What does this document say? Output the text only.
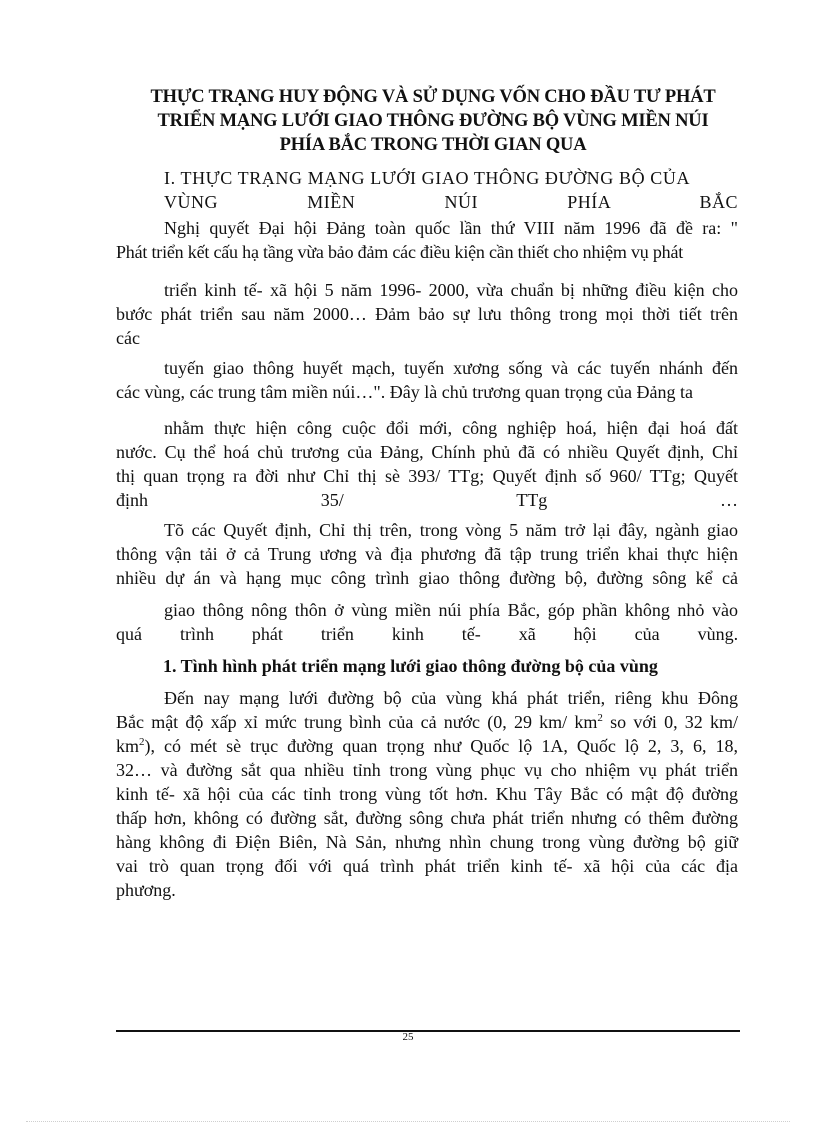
THỰC TRẠNG HUY ĐỘNG VÀ SỬ DỤNG VỐN CHO ĐẦU TƯ PHÁT
TRIỂN MẠNG LƯỚI GIAO THÔNG ĐƯỜNG BỘ VÙNG MIỀN NÚI
PHÍA BẮC TRONG THỜI GIAN QUA
I. THỰC TRẠNG MẠNG LƯỚI GIAO THÔNG ĐƯỜNG BỘ CỦA
VÙNG	MIỀN	NÚI	PHÍA	BẮC
Nghị quyết Đại hội Đảng toàn quốc lần thứ VIII năm 1996 đã đề ra: "
Phát triển kết cấu hạ tầng vừa bảo đảm các điều kiện cần thiết cho nhiệm vụ phát
triển kinh tế- xã hội 5 năm 1996- 2000, vừa chuẩn bị những điều kiện cho
bước phát triển sau năm 2000… Đảm bảo sự lưu thông trong mọi thời tiết trên
các
tuyến giao thông huyết mạch, tuyến xương sống và các tuyến nhánh đến
các vùng, các trung tâm miền núi…". Đây là chủ trương quan trọng của Đảng ta
nhằm thực hiện công cuộc đổi mới, công nghiệp hoá, hiện đại hoá đất
nước. Cụ thể hoá chủ trương của Đảng, Chính phủ đã có nhiều Quyết định, Chỉ
thị quan trọng ra đời như Chỉ thị sè 393/ TTg; Quyết định số 960/ TTg; Quyết
định	35/	TTg	…
Tõ các Quyết định, Chỉ thị trên, trong vòng 5 năm trở lại đây, ngành giao
thông vận tải ở cả Trung ương và địa phương đã tập trung triển khai thực hiện
nhiều dự án và hạng mục công trình giao thông đường bộ, đường sông kể cả
giao thông nông thôn ở vùng miền núi phía Bắc, góp phần không nhỏ vào
quá trình phát triển kinh tế- xã hội của vùng.
1. Tình hình phát triển mạng lưới giao thông đường bộ của vùng
Đến nay mạng lưới đường bộ của vùng khá phát triển, riêng khu Đông
Bắc mật độ xấp xỉ mức trung bình của cả nước (0, 29 km/ $km^2$ so với 0, 32 km/
$km^2$), có mét sè trục đường quan trọng như Quốc lộ 1A, Quốc lộ 2, 3, 6, 18,
32… và đường sắt qua nhiều tỉnh trong vùng phục vụ cho nhiệm vụ phát triển
kinh tế- xã hội của các tỉnh trong vùng tốt hơn. Khu Tây Bắc có mật độ đường
thấp hơn, không có đường sắt, đường sông chưa phát triển nhưng có thêm đường
hàng không đi Điện Biên, Nà Sản, nhưng nhìn chung trong vùng đường bộ giữ
vai trò quan trọng đối với quá trình phát triển kinh tế- xã hội của các địa
phương.
25
